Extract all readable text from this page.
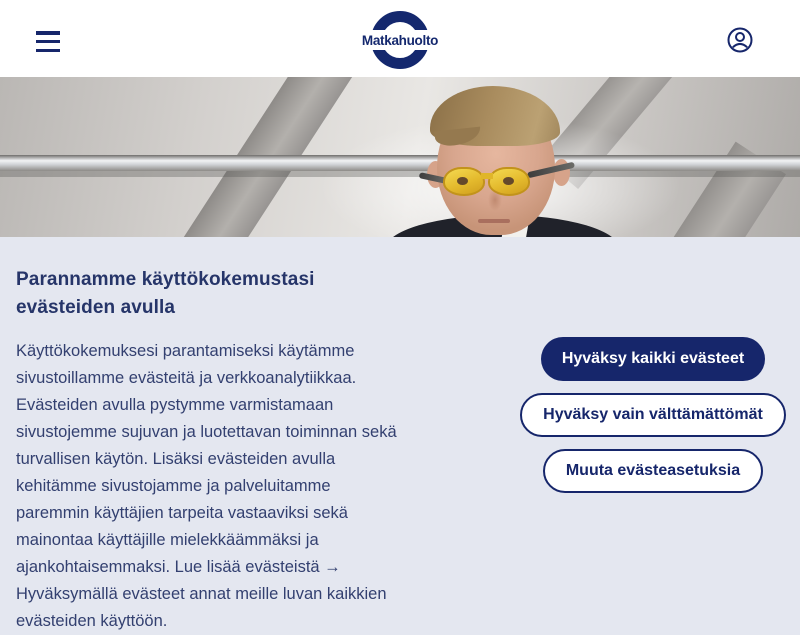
Matkahuolto
Parannamme käyttökokemustasi evästeiden avulla

Käyttökokemuksesi parantamiseksi käytämme sivustoillamme evästeitä ja verkkoanalytiikkaa. Evästeiden avulla pystymme varmistamaan sivustojemme sujuvan ja luotettavan toiminnan sekä turvallisen käytön. Lisäksi evästeiden avulla kehitämme sivustojamme ja palveluitamme paremmin käyttäjien tarpeita vastaaviksi sekä mainontaa käyttäjille mielekkäämmäksi ja ajankohtaisemmaksi. Lue lisää evästeistä →
Hyväksymällä evästeet annat meille luvan kaikkien evästeiden käyttöön.

Hyväksy kaikki evästeet
Hyväksy vain välttämättömät
Muuta evästeasetuksia
